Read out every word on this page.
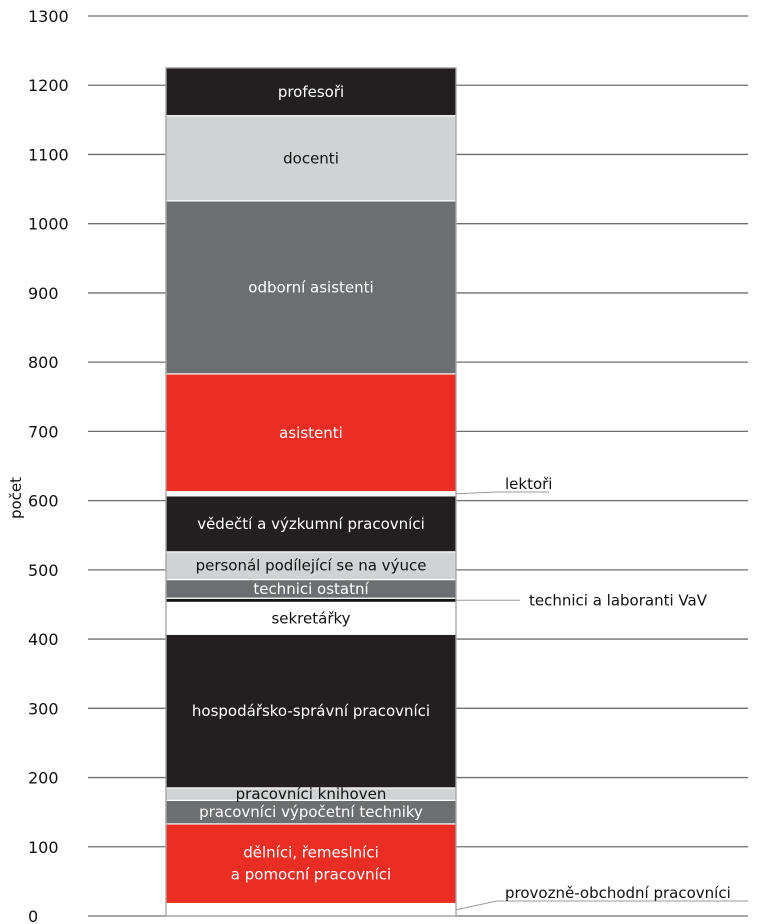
0
100
200
300
400
500
600
700
800
900
1000
1100
1200
1300
počet
provozně-obchodní pracovníci
dělníci, řemeslníci a pomocní pracovníci
pracovníci výpočetní techniky
pracovníci knihoven
hospodářsko-správní pracovníci
sekretářky
technici a laboranti VaV
technici ostatní
personál podílející se na výuce
vědečtí a výzkumní pracovníci
lektoři
asistenti
odborní asistenti
docenti
profesoři
